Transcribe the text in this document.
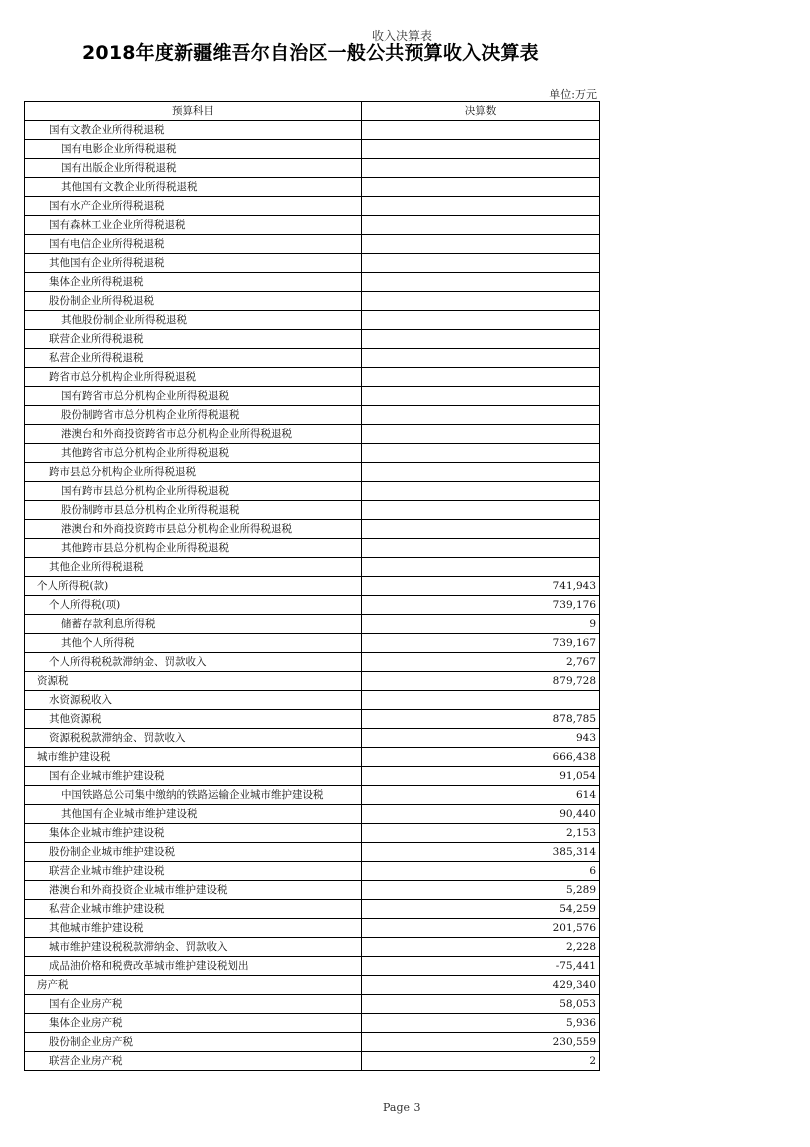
收入决算表
2018年度新疆维吾尔自治区一般公共预算收入决算表
单位:万元
预算科目	决算数
国有文教企业所得税退税	
国有电影企业所得税退税	
国有出版企业所得税退税	
其他国有文教企业所得税退税	
国有水产企业所得税退税	
国有森林工业企业所得税退税	
国有电信企业所得税退税	
其他国有企业所得税退税	
集体企业所得税退税	
股份制企业所得税退税	
其他股份制企业所得税退税	
联营企业所得税退税	
私营企业所得税退税	
跨省市总分机构企业所得税退税	
国有跨省市总分机构企业所得税退税	
股份制跨省市总分机构企业所得税退税	
港澳台和外商投资跨省市总分机构企业所得税退税	
其他跨省市总分机构企业所得税退税	
跨市县总分机构企业所得税退税	
国有跨市县总分机构企业所得税退税	
股份制跨市县总分机构企业所得税退税	
港澳台和外商投资跨市县总分机构企业所得税退税	
其他跨市县总分机构企业所得税退税	
其他企业所得税退税	
个人所得税(款)	741,943
个人所得税(项)	739,176
储蓄存款利息所得税	9
其他个人所得税	739,167
个人所得税税款滞纳金、罚款收入	2,767
资源税	879,728
水资源税收入	
其他资源税	878,785
资源税税款滞纳金、罚款收入	943
城市维护建设税	666,438
国有企业城市维护建设税	91,054
中国铁路总公司集中缴纳的铁路运输企业城市维护建设税	614
其他国有企业城市维护建设税	90,440
集体企业城市维护建设税	2,153
股份制企业城市维护建设税	385,314
联营企业城市维护建设税	6
港澳台和外商投资企业城市维护建设税	5,289
私营企业城市维护建设税	54,259
其他城市维护建设税	201,576
城市维护建设税税款滞纳金、罚款收入	2,228
成品油价格和税费改革城市维护建设税划出	-75,441
房产税	429,340
国有企业房产税	58,053
集体企业房产税	5,936
股份制企业房产税	230,559
联营企业房产税	2
Page 3
